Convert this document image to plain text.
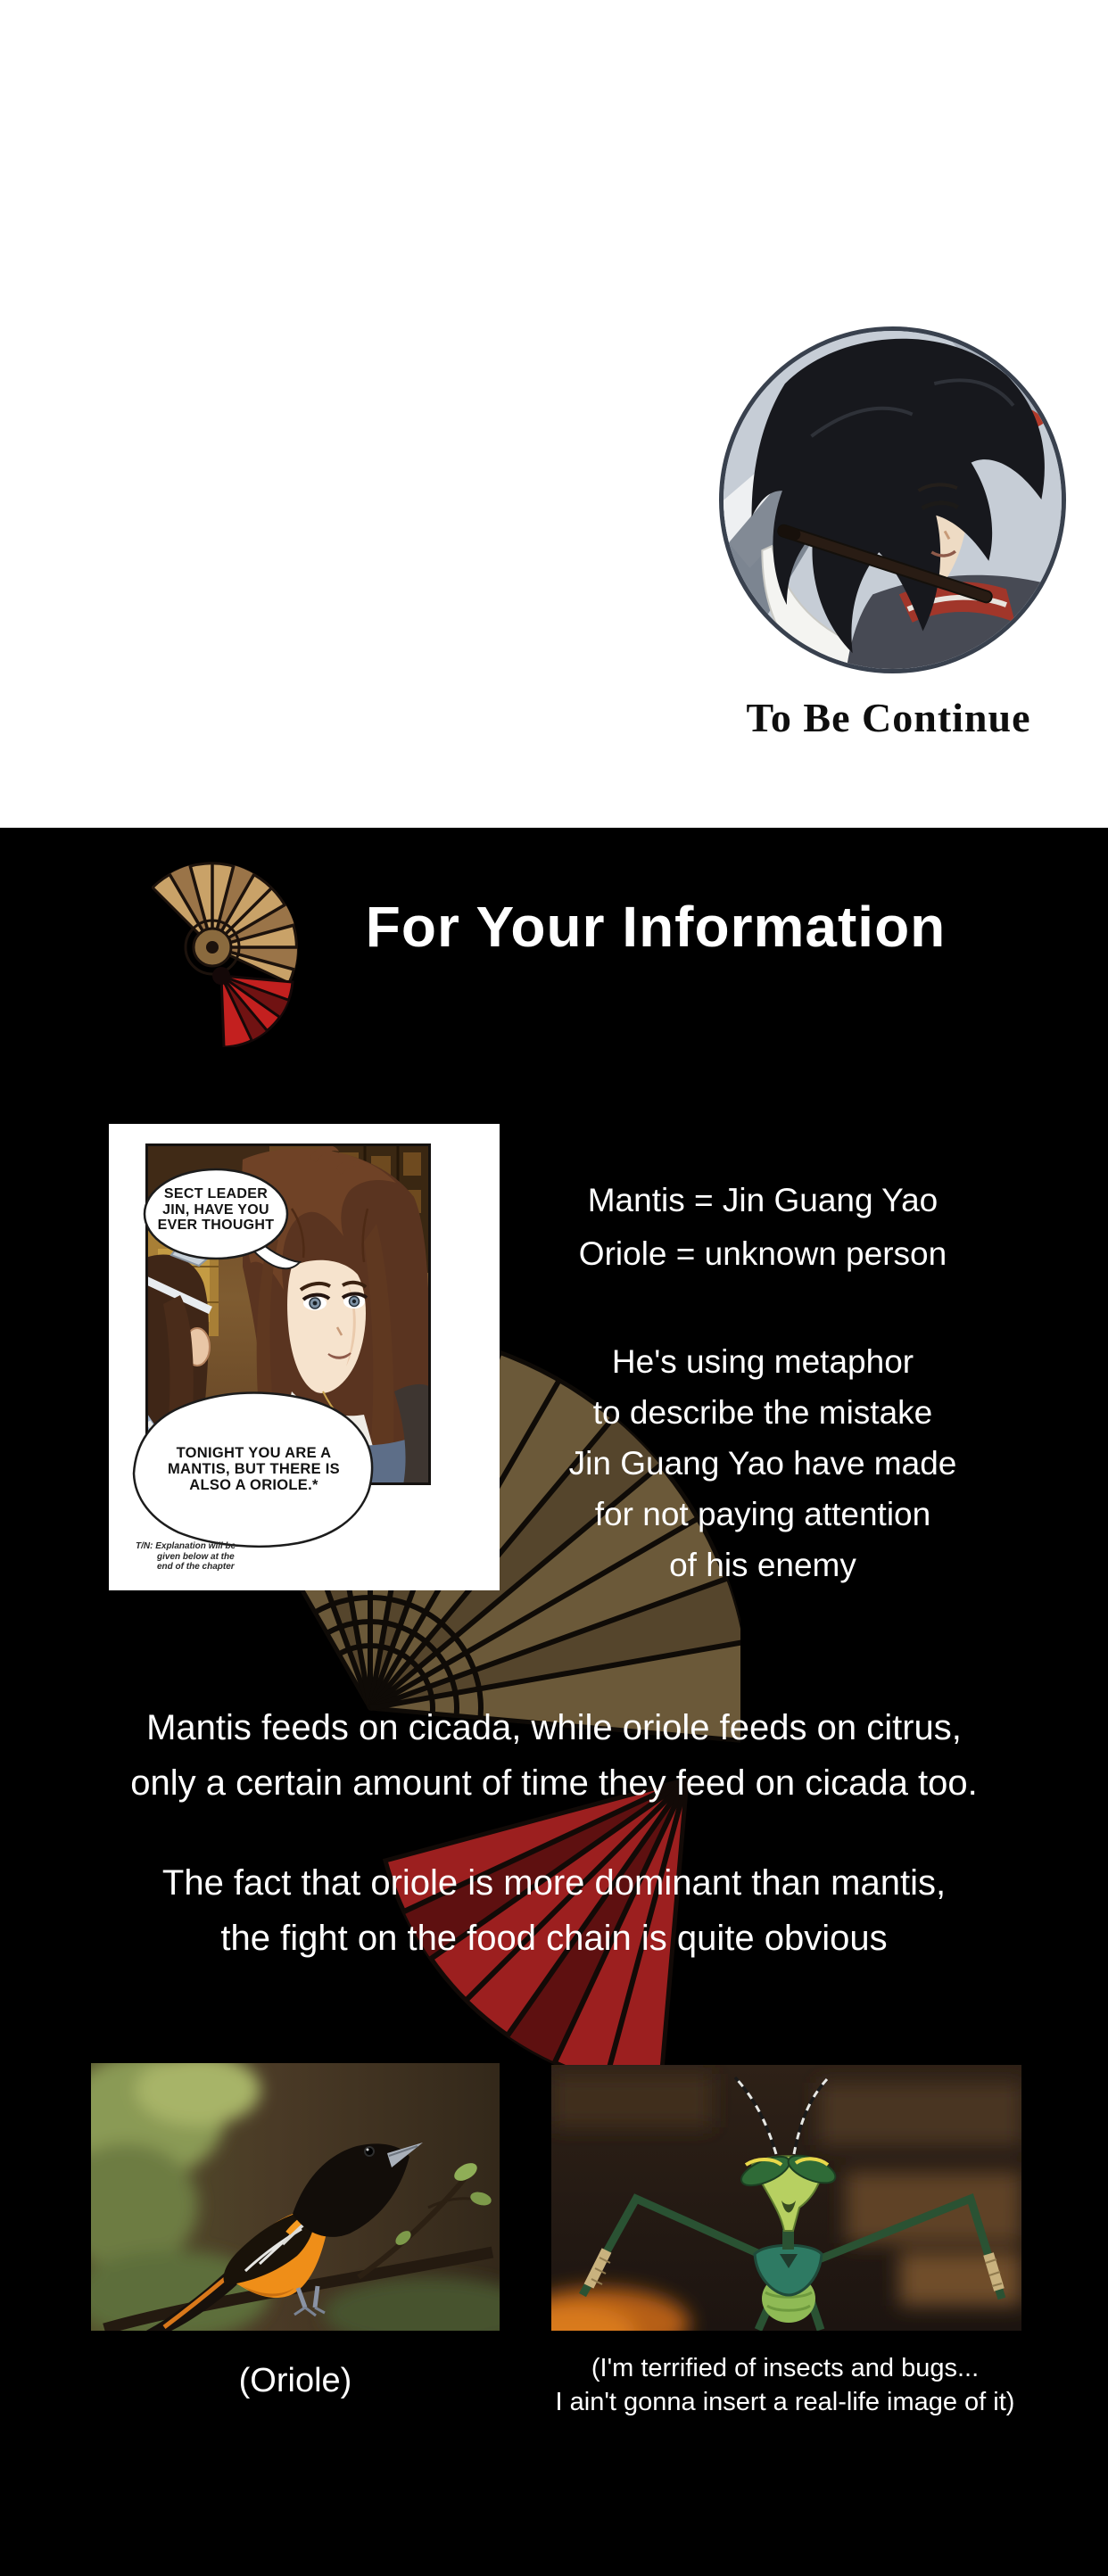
To Be Continue
For Your Information
SECT LEADER
JIN, HAVE YOU
EVER THOUGHT
TONIGHT YOU ARE A
MANTIS, BUT THERE IS
ALSO A ORIOLE.*
T/N: Explanation will be
given below at the
end of the chapter
Mantis = Jin Guang Yao
Oriole = unknown person
He's using metaphor
to describe the mistake
Jin Guang Yao have made
for not paying attention
of his enemy
Mantis feeds on cicada, while oriole feeds on citrus,
only a certain amount of time they feed on cicada too.
The fact that oriole is more dominant than mantis,
the fight on the food chain is quite obvious
(Oriole)	(I'm terrified of insects and bugs...
I ain't gonna insert a real-life image of it)
